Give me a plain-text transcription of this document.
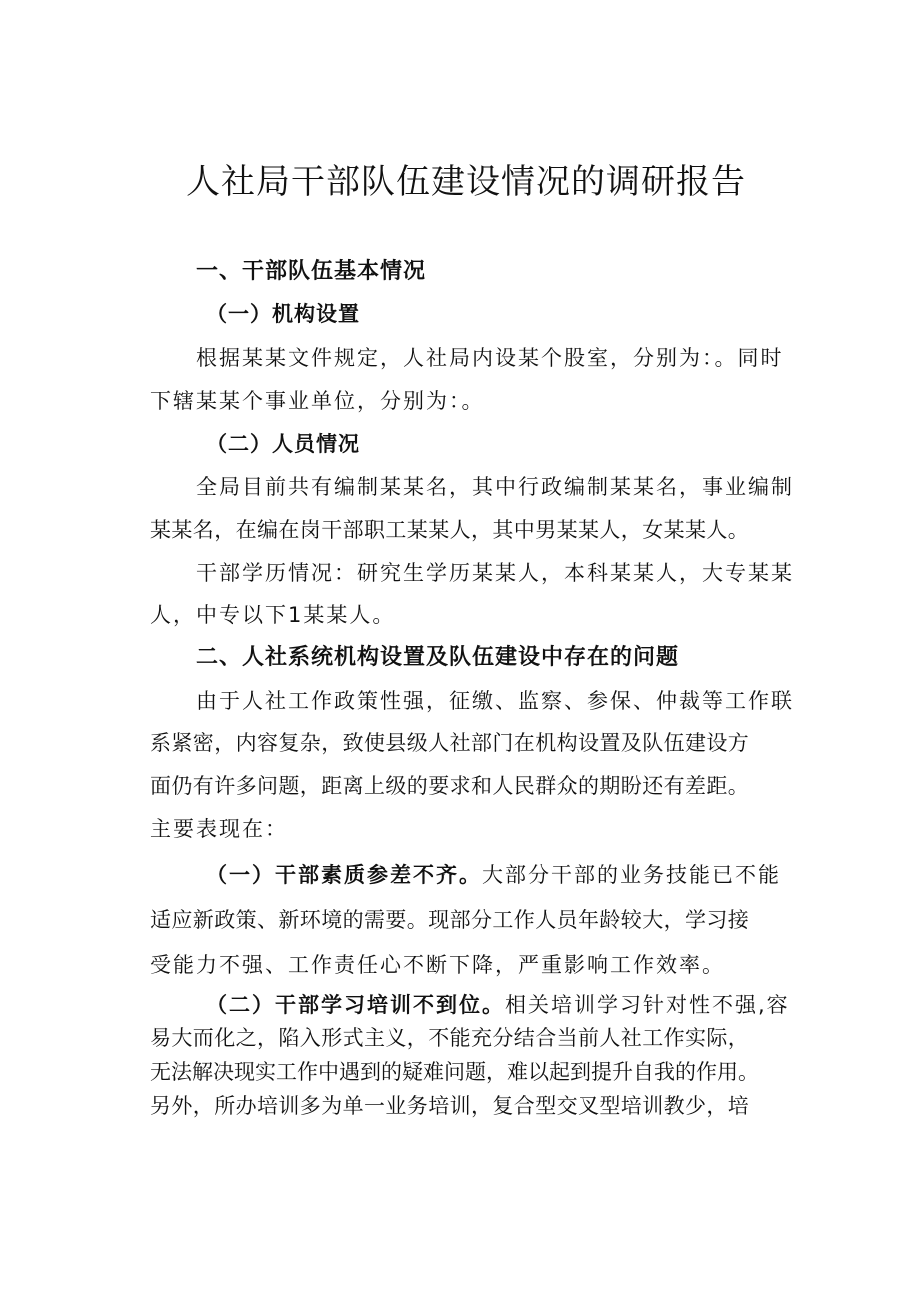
人社局干部队伍建设情况的调研报告
一、干部队伍基本情况
（一）机构设置
根据某某文件规定，人社局内设某个股室，分别为：。同时
下辖某某个事业单位，分别为：。
（二）人员情况
全局目前共有编制某某名，其中行政编制某某名，事业编制
某某名，在编在岗干部职工某某人，其中男某某人，女某某人。
干部学历情况：研究生学历某某人，本科某某人，大专某某
人，中专以下1某某人。
二、人社系统机构设置及队伍建设中存在的问题
由于人社工作政策性强，征缴、监察、参保、仲裁等工作联
系紧密，内容复杂，致使县级人社部门在机构设置及队伍建设方
面仍有许多问题，距离上级的要求和人民群众的期盼还有差距。
主要表现在：
（一）干部素质参差不齐。大部分干部的业务技能已不能
适应新政策、新环境的需要。现部分工作人员年龄较大，学习接
受能力不强、工作责任心不断下降，严重影响工作效率。
（二）干部学习培训不到位。相关培训学习针对性不强,容
易大而化之，陷入形式主义，不能充分结合当前人社工作实际，
无法解决现实工作中遇到的疑难问题，难以起到提升自我的作用。
另外，所办培训多为单一业务培训，复合型交叉型培训教少，培
